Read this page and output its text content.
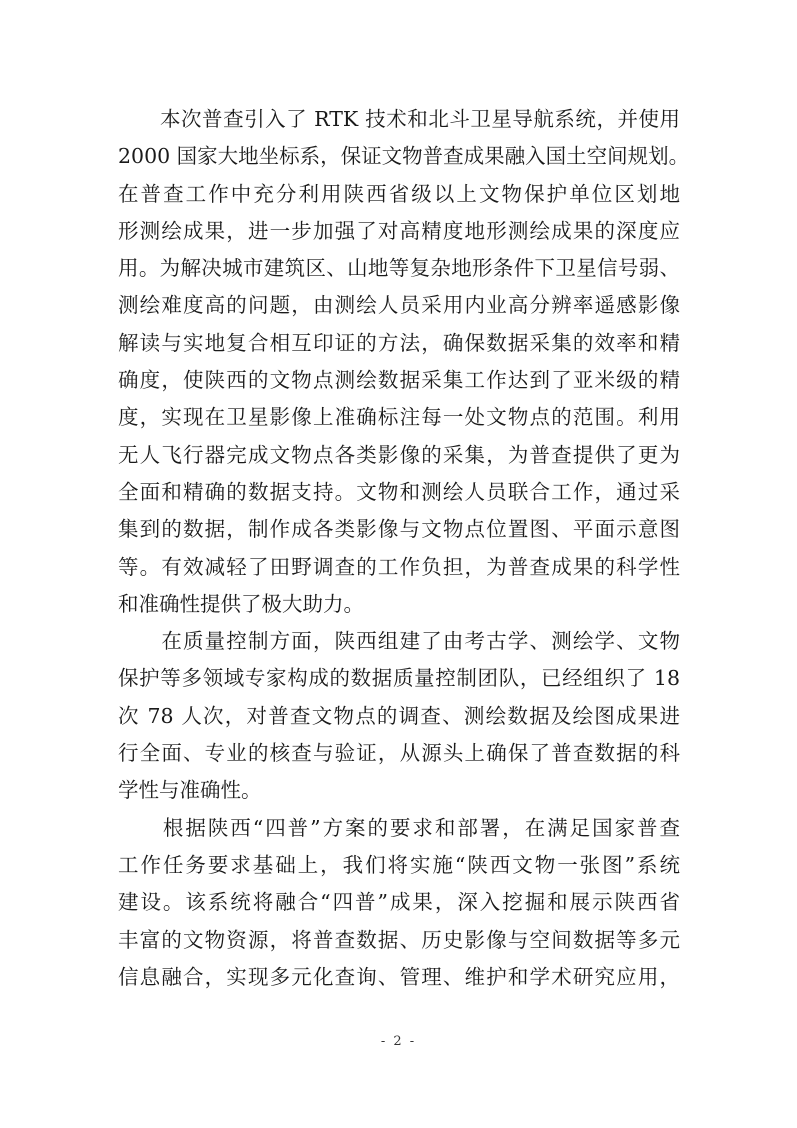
　　本次普查引入了 RTK 技术和北斗卫星导航系统，并使用
2000 国家大地坐标系，保证文物普查成果融入国土空间规划。
在普查工作中充分利用陕西省级以上文物保护单位区划地
形测绘成果，进一步加强了对高精度地形测绘成果的深度应
用。为解决城市建筑区、山地等复杂地形条件下卫星信号弱、
测绘难度高的问题，由测绘人员采用内业高分辨率遥感影像
解读与实地复合相互印证的方法，确保数据采集的效率和精
确度，使陕西的文物点测绘数据采集工作达到了亚米级的精
度，实现在卫星影像上准确标注每一处文物点的范围。利用
无人飞行器完成文物点各类影像的采集，为普查提供了更为
全面和精确的数据支持。文物和测绘人员联合工作，通过采
集到的数据，制作成各类影像与文物点位置图、平面示意图
等。有效减轻了田野调查的工作负担，为普查成果的科学性
和准确性提供了极大助力。
　　在质量控制方面，陕西组建了由考古学、测绘学、文物
保护等多领域专家构成的数据质量控制团队，已经组织了 18
次 78 人次，对普查文物点的调查、测绘数据及绘图成果进
行全面、专业的核查与验证，从源头上确保了普查数据的科
学性与准确性。
　　根据陕西“四普”方案的要求和部署，在满足国家普查
工作任务要求基础上，我们将实施“陕西文物一张图”系统
建设。该系统将融合“四普”成果，深入挖掘和展示陕西省
丰富的文物资源，将普查数据、历史影像与空间数据等多元
信息融合，实现多元化查询、管理、维护和学术研究应用，
- 2 -
